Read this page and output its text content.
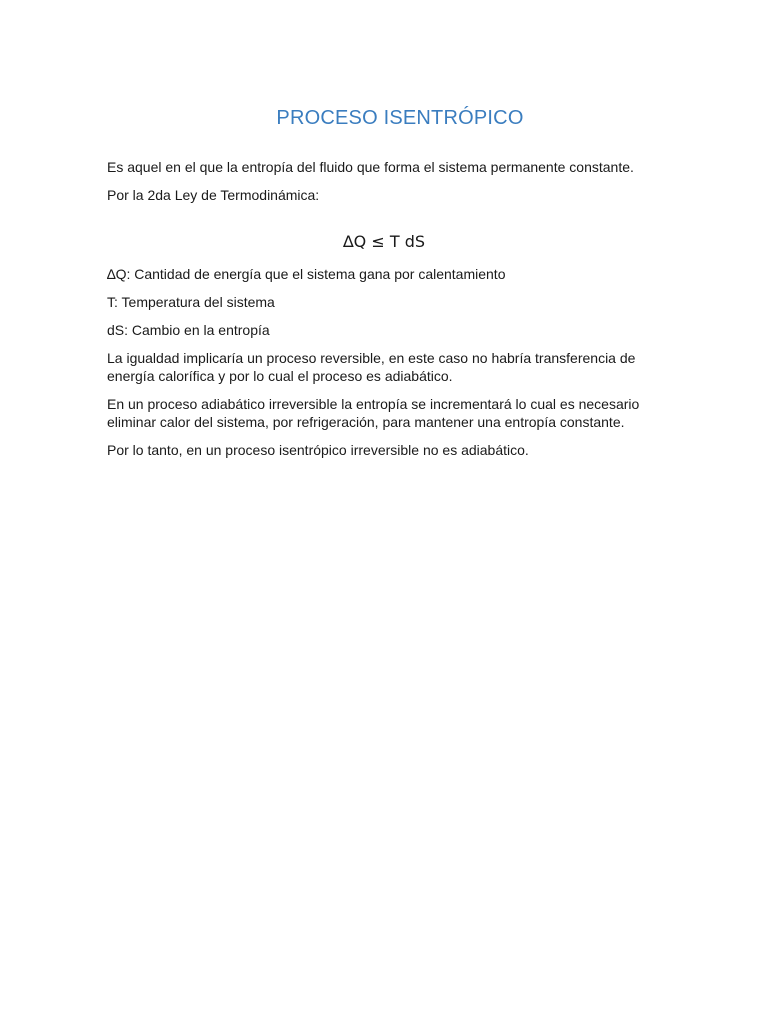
PROCESO ISENTRÓPICO

Es aquel en el que la entropía del fluido que forma el sistema permanente constante.

Por la 2da Ley de Termodinámica:

∆Q ≤ T dS

∆Q: Cantidad de energía que el sistema gana por calentamiento

T: Temperatura del sistema

dS: Cambio en la entropía

La igualdad implicaría un proceso reversible, en este caso no habría transferencia de energía calorífica y por lo cual el proceso es adiabático.

En un proceso adiabático irreversible la entropía se incrementará lo cual es necesario eliminar calor del sistema, por refrigeración, para mantener una entropía constante.

Por lo tanto, en un proceso isentrópico irreversible no es adiabático.
